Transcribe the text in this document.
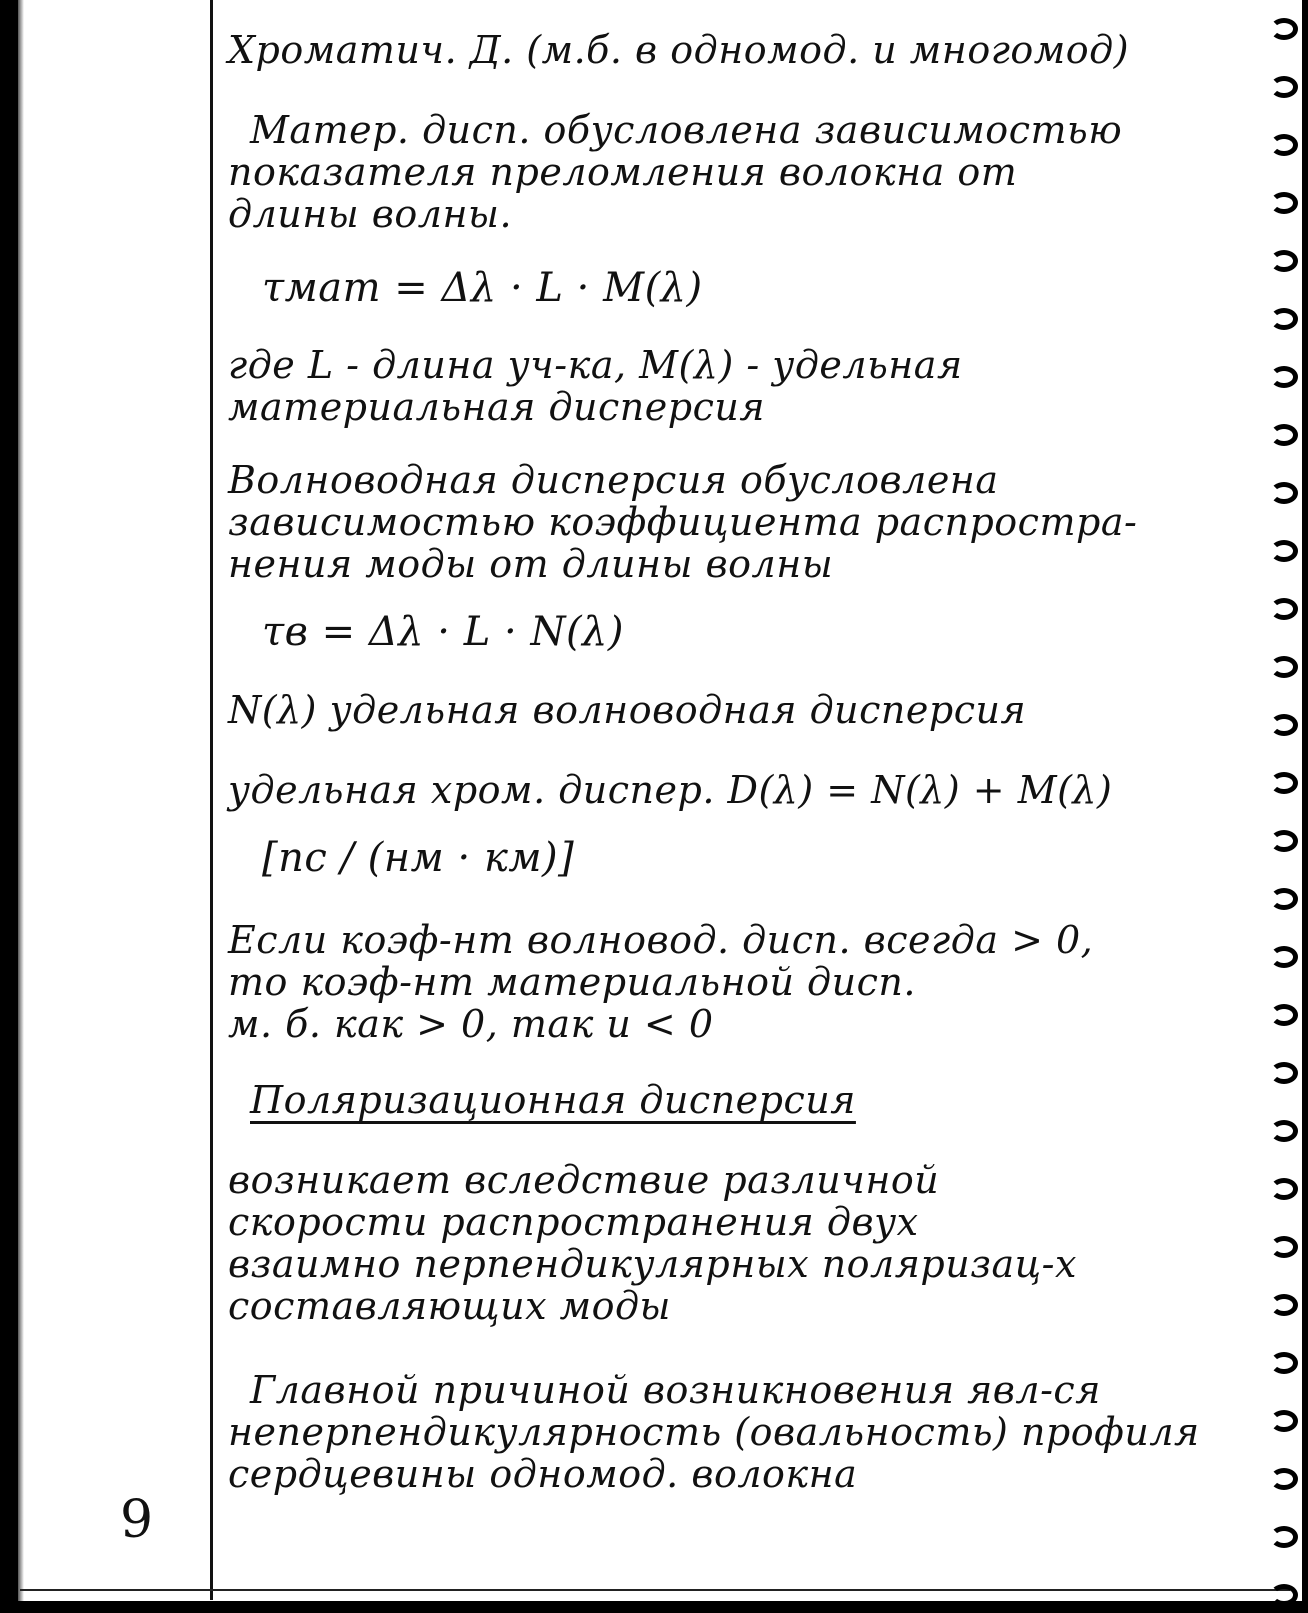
Хроматич. Д. (м.б. в одномод. и многомод)
Матер. дисп. обусловлена зависимостью
показателя преломления волокна от
длины волны.
τмат = Δλ · L · M(λ)
где L - длина уч-ка, M(λ) - удельная
материальная дисперсия
Волноводная дисперсия обусловлена
зависимостью коэффициента распростра-
нения моды от длины волны
τв = Δλ · L · N(λ)
N(λ) удельная волноводная дисперсия
удельная хром. диспер. D(λ) = N(λ) + M(λ)
[пс / (нм · км)]
Если коэф-нт волновод. дисп. всегда > 0,
то коэф-нт материальной дисп.
м. б. как > 0, так и < 0
Поляризационная дисперсия
возникает вследствие различной
скорости распространения двух
взаимно перпендикулярных поляризац-х
составляющих моды
Главной причиной возникновения явл-ся
неперпендикулярность (овальность) профиля
сердцевины одномод. волокна
9
